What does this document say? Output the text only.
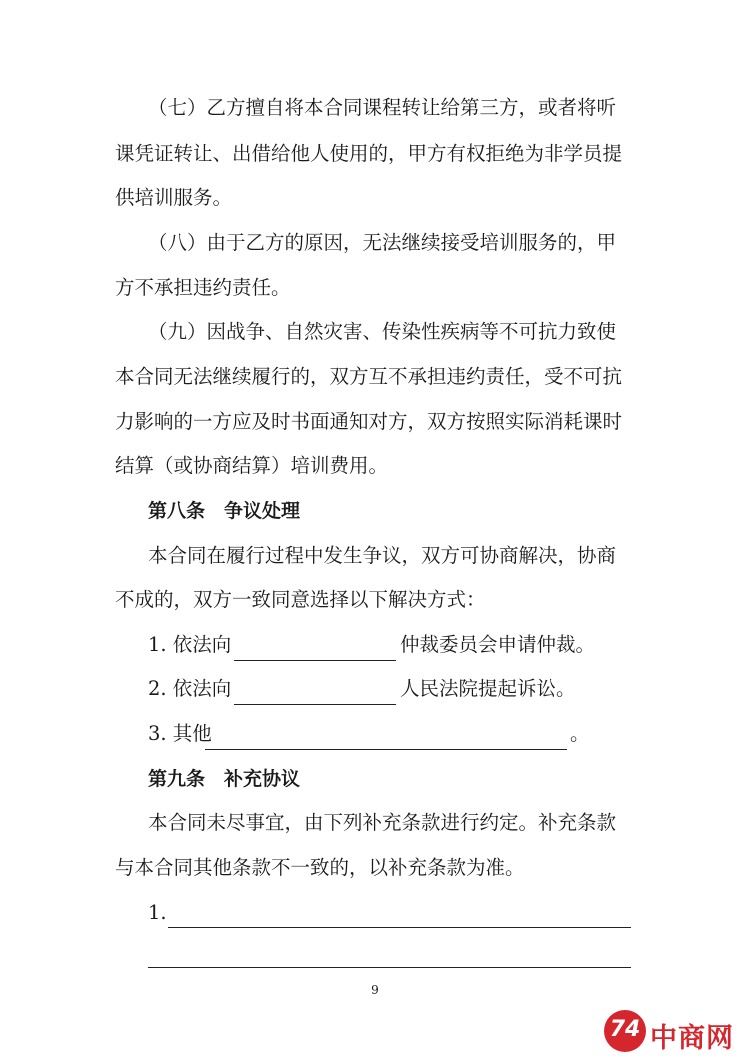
（七）乙方擅自将本合同课程转让给第三方，或者将听
课凭证转让、出借给他人使用的，甲方有权拒绝为非学员提
供培训服务。
（八）由于乙方的原因，无法继续接受培训服务的，甲
方不承担违约责任。
（九）因战争、自然灾害、传染性疾病等不可抗力致使
本合同无法继续履行的，双方互不承担违约责任，受不可抗
力影响的一方应及时书面通知对方，双方按照实际消耗课时
结算（或协商结算）培训费用。
第八条　争议处理
本合同在履行过程中发生争议，双方可协商解决，协商
不成的，双方一致同意选择以下解决方式：
1. 依法向	仲裁委员会申请仲裁。
2. 依法向	人民法院提起诉讼。
3. 其他	。
第九条　补充协议
本合同未尽事宜，由下列补充条款进行约定。补充条款
与本合同其他条款不一致的，以补充条款为准。
1.
9
74 中商网
